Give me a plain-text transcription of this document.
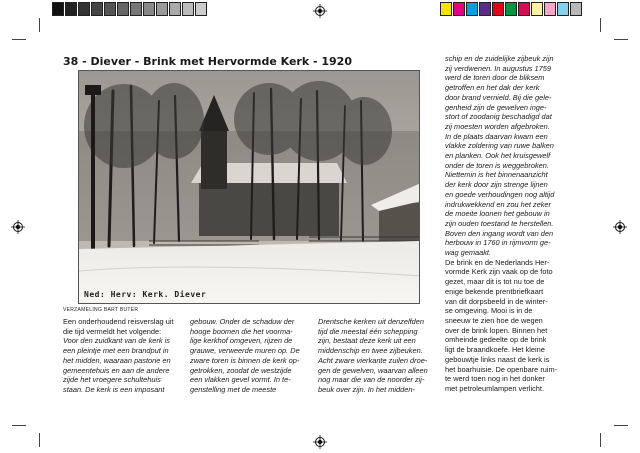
38 - Diever - Brink met Hervormde Kerk - 1920
Ned: Herv: Kerk. Diever
VERZAMELING BART BUTER

Een onderhoudend reisverslag uit

die tijd vermeldt het volgende:

Voor den zuidkant van de kerk is

een pleintje met een brandput in

het midden, waaraan pastorie en

gemeentehuis en aan de andere

zijde het vroegere schultehuis

staan. De kerk is een imposant

gebouw. Onder de schaduw der

hooge boomen die het voorma-

lige kerkhof omgeven, rijzen de

grauwe, verweerde muren op. De

zware toren is binnen de kerk op-

getrokken, zoodat de westzijde

een vlakken gevel vormt. In te-

genstelling met de meeste

Drentsche kerken uit denzelfden

tijd die meestal één schepping

zijn, bestaat deze kerk uit een

middenschip en twee zijbeuken.

Acht zware vierkante zuilen droe-

gen de gewelven, waarvan alleen

nog maar die van de noorder zij-

beuk over zijn. In het midden-

schip en de zuidelijke zijbeuk zijn

zij verdwenen. In augustus 1759

werd de toren door de bliksem

getroffen en het dak der kerk

door brand vernield. Bij die gele-

genheid zijn de gewelven inge-

stort of zoodanig beschadigd dat

zij moesten worden afgebroken.

In de plaats daarvan kwam een

vlakke zoldering van ruwe balken

en planken. Ook het kruisgewelf

onder de toren is weggebroken.

Niettemin is het binnenaanzicht

der kerk door zijn strenge lijnen

en goede verhoudingen nog altijd

indrukwekkend en zou het zeker

de moeite loonen het gebouw in

zijn ouden toestand te herstellen.

Boven den ingang wordt van den

herbouw in 1760 in rijmvorm ge-

wag gemaakt.

De brink en de Nederlands Her-

vormde Kerk zijn vaak op de foto

gezet, maar dit is tot nu toe de

enige bekende prentbriefkaart

van dit dorpsbeeld in de winter-

se omgeving. Mooi is in de

sneeuw te zien hoe de wegen

over de brink lopen. Binnen het

omheinde gedeelte op de brink

ligt de braandkoefe. Het kleine

gebouwtje links naast de kerk is

het boarhuisie. De openbare ruim-

te werd toen nog in het donker

met petroleumlampen verlicht.
